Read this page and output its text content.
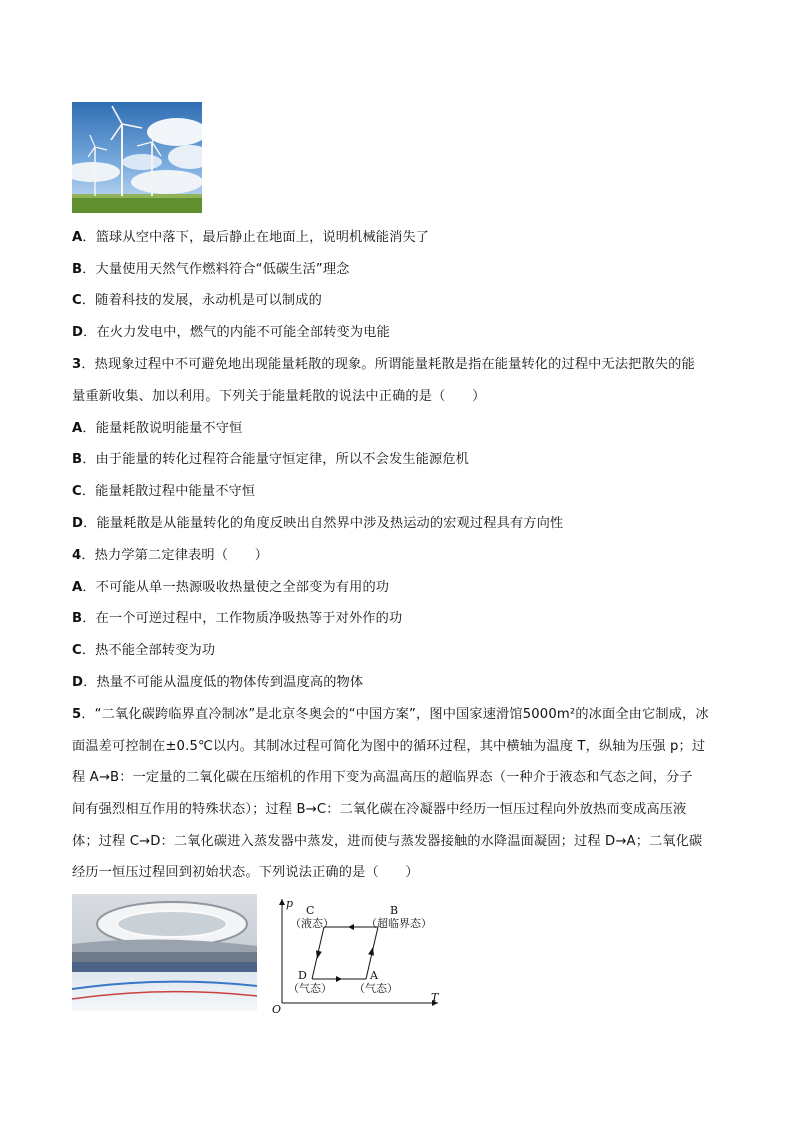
A．篮球从空中落下，最后静止在地面上，说明机械能消失了
B．大量使用天然气作燃料符合“低碳生活”理念
C．随着科技的发展，永动机是可以制成的
D．在火力发电中，燃气的内能不可能全部转变为电能
3．热现象过程中不可避免地出现能量耗散的现象。所谓能量耗散是指在能量转化的过程中无法把散失的能
量重新收集、加以利用。下列关于能量耗散的说法中正确的是（　　）
A．能量耗散说明能量不守恒
B．由于能量的转化过程符合能量守恒定律，所以不会发生能源危机
C．能量耗散过程中能量不守恒
D．能量耗散是从能量转化的角度反映出自然界中涉及热运动的宏观过程具有方向性
4．热力学第二定律表明（　　）
A．不可能从单一热源吸收热量使之全部变为有用的功
B．在一个可逆过程中，工作物质净吸热等于对外作的功
C．热不能全部转变为功
D．热量不可能从温度低的物体传到温度高的物体
5．“二氧化碳跨临界直冷制冰”是北京冬奥会的“中国方案”，图中国家速滑馆5000m²的冰面全由它制成，冰
面温差可控制在±0.5℃以内。其制冰过程可简化为图中的循环过程，其中横轴为温度 T，纵轴为压强 p；过
程 A→B：一定量的二氧化碳在压缩机的作用下变为高温高压的超临界态（一种介于液态和气态之间，分子
间有强烈相互作用的特殊状态）；过程 B→C：二氧化碳在冷凝器中经历一恒压过程向外放热而变成高压液
体；过程 C→D：二氧化碳进入蒸发器中蒸发，进而使与蒸发器接触的水降温面凝固；过程 D→A；二氧化碳
经历一恒压过程回到初始状态。下列说法正确的是（　　）
p
T
O
C
（液态）
B
（超临界态）
D
（气态）
A
（气态）
